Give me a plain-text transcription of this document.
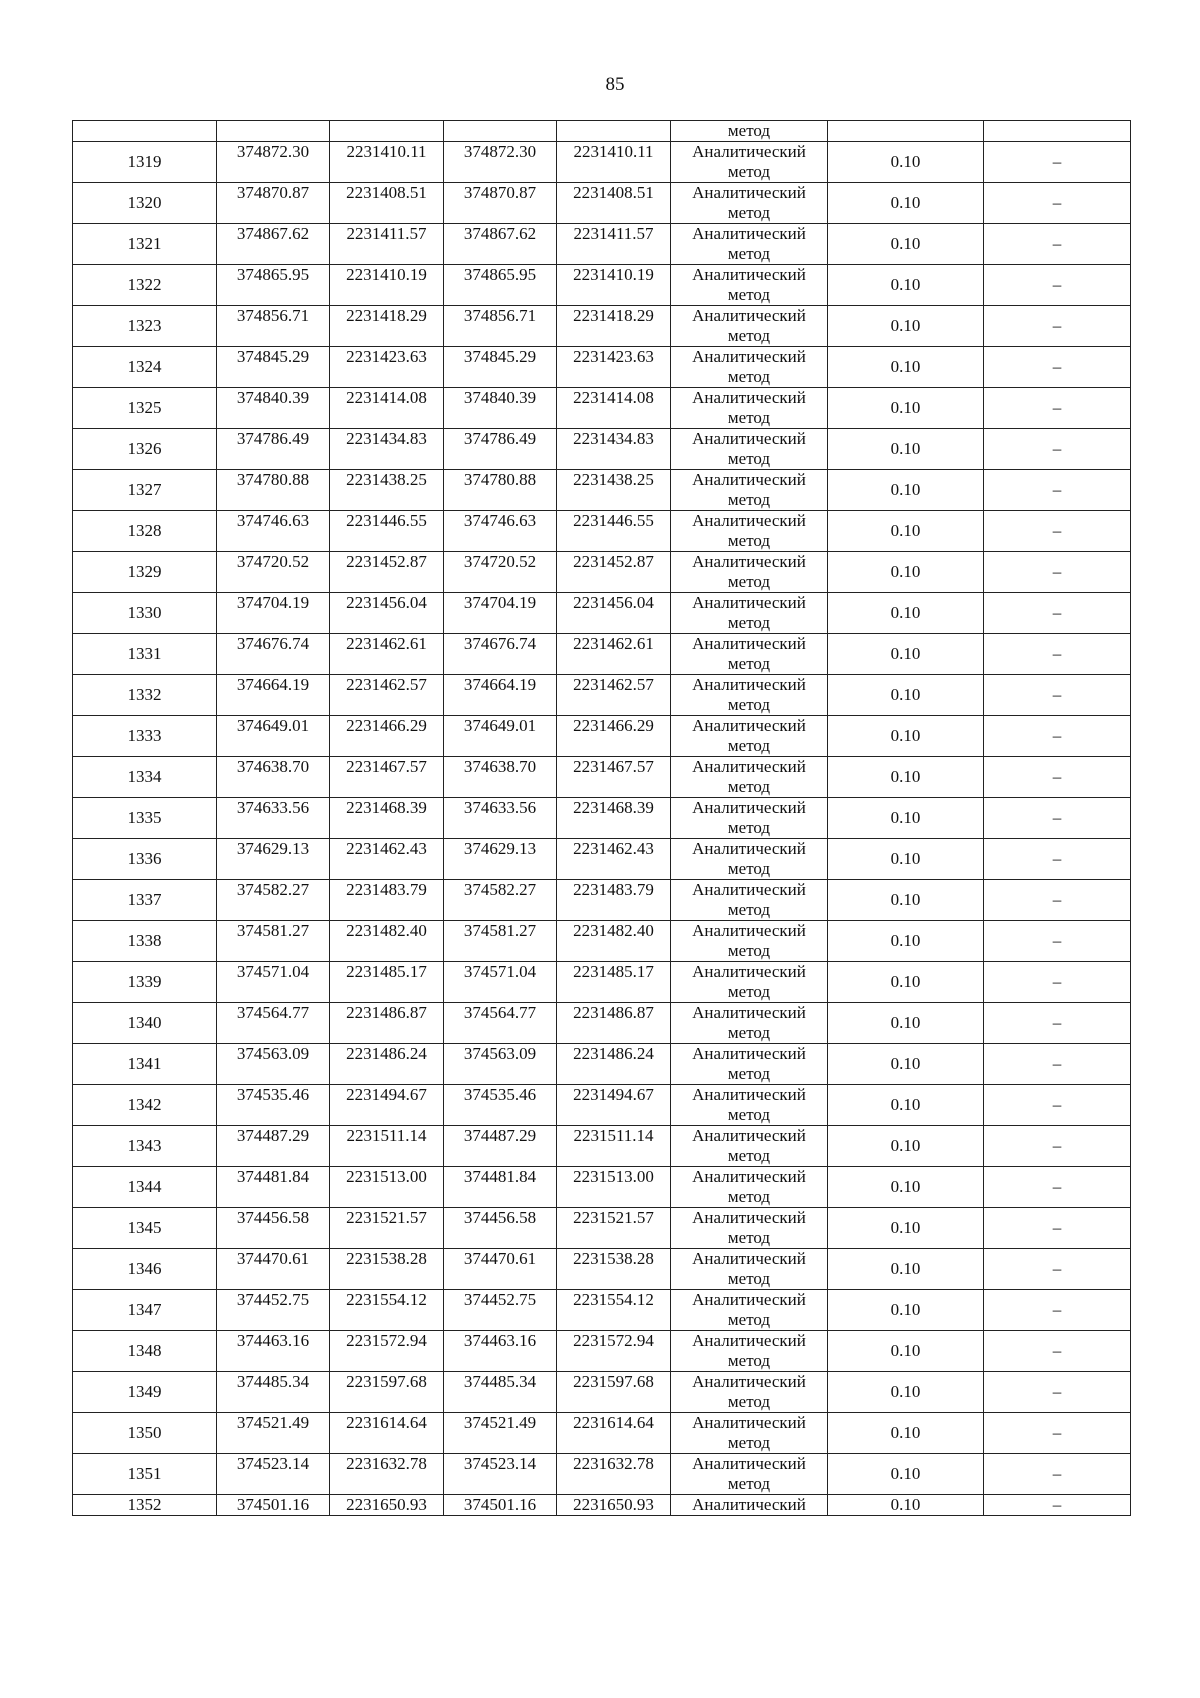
85
					метод		
1319	374872.30	2231410.11	374872.30	2231410.11	Аналитический
метод	0.10	–
1320	374870.87	2231408.51	374870.87	2231408.51	Аналитический
метод	0.10	–
1321	374867.62	2231411.57	374867.62	2231411.57	Аналитический
метод	0.10	–
1322	374865.95	2231410.19	374865.95	2231410.19	Аналитический
метод	0.10	–
1323	374856.71	2231418.29	374856.71	2231418.29	Аналитический
метод	0.10	–
1324	374845.29	2231423.63	374845.29	2231423.63	Аналитический
метод	0.10	–
1325	374840.39	2231414.08	374840.39	2231414.08	Аналитический
метод	0.10	–
1326	374786.49	2231434.83	374786.49	2231434.83	Аналитический
метод	0.10	–
1327	374780.88	2231438.25	374780.88	2231438.25	Аналитический
метод	0.10	–
1328	374746.63	2231446.55	374746.63	2231446.55	Аналитический
метод	0.10	–
1329	374720.52	2231452.87	374720.52	2231452.87	Аналитический
метод	0.10	–
1330	374704.19	2231456.04	374704.19	2231456.04	Аналитический
метод	0.10	–
1331	374676.74	2231462.61	374676.74	2231462.61	Аналитический
метод	0.10	–
1332	374664.19	2231462.57	374664.19	2231462.57	Аналитический
метод	0.10	–
1333	374649.01	2231466.29	374649.01	2231466.29	Аналитический
метод	0.10	–
1334	374638.70	2231467.57	374638.70	2231467.57	Аналитический
метод	0.10	–
1335	374633.56	2231468.39	374633.56	2231468.39	Аналитический
метод	0.10	–
1336	374629.13	2231462.43	374629.13	2231462.43	Аналитический
метод	0.10	–
1337	374582.27	2231483.79	374582.27	2231483.79	Аналитический
метод	0.10	–
1338	374581.27	2231482.40	374581.27	2231482.40	Аналитический
метод	0.10	–
1339	374571.04	2231485.17	374571.04	2231485.17	Аналитический
метод	0.10	–
1340	374564.77	2231486.87	374564.77	2231486.87	Аналитический
метод	0.10	–
1341	374563.09	2231486.24	374563.09	2231486.24	Аналитический
метод	0.10	–
1342	374535.46	2231494.67	374535.46	2231494.67	Аналитический
метод	0.10	–
1343	374487.29	2231511.14	374487.29	2231511.14	Аналитический
метод	0.10	–
1344	374481.84	2231513.00	374481.84	2231513.00	Аналитический
метод	0.10	–
1345	374456.58	2231521.57	374456.58	2231521.57	Аналитический
метод	0.10	–
1346	374470.61	2231538.28	374470.61	2231538.28	Аналитический
метод	0.10	–
1347	374452.75	2231554.12	374452.75	2231554.12	Аналитический
метод	0.10	–
1348	374463.16	2231572.94	374463.16	2231572.94	Аналитический
метод	0.10	–
1349	374485.34	2231597.68	374485.34	2231597.68	Аналитический
метод	0.10	–
1350	374521.49	2231614.64	374521.49	2231614.64	Аналитический
метод	0.10	–
1351	374523.14	2231632.78	374523.14	2231632.78	Аналитический
метод	0.10	–
1352	374501.16	2231650.93	374501.16	2231650.93	Аналитический	0.10	–
